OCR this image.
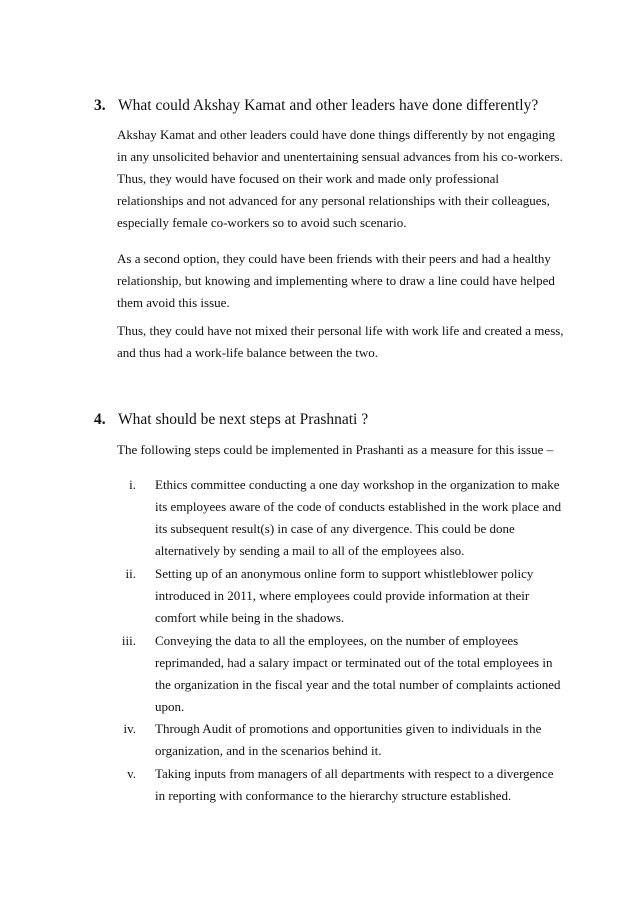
3. What could Akshay Kamat and other leaders have done differently?

Akshay Kamat and other leaders could have done things differently by not engaging
in any unsolicited behavior and unentertaining sensual advances from his co-workers.
Thus, they would have focused on their work and made only professional
relationships and not advanced for any personal relationships with their colleagues,
especially female co-workers so to avoid such scenario.

As a second option, they could have been friends with their peers and had a healthy
relationship, but knowing and implementing where to draw a line could have helped
them avoid this issue.

Thus, they could have not mixed their personal life with work life and created a mess,
and thus had a work-life balance between the two.

4. What should be next steps at Prashnati ?

The following steps could be implemented in Prashanti as a measure for this issue –

i. Ethics committee conducting a one day workshop in the organization to make
its employees aware of the code of conducts established in the work place and
its subsequent result(s) in case of any divergence. This could be done
alternatively by sending a mail to all of the employees also.
ii. Setting up of an anonymous online form to support whistleblower policy
introduced in 2011, where employees could provide information at their
comfort while being in the shadows.
iii. Conveying the data to all the employees, on the number of employees
reprimanded, had a salary impact or terminated out of the total employees in
the organization in the fiscal year and the total number of complaints actioned
upon.
iv. Through Audit of promotions and opportunities given to individuals in the
organization, and in the scenarios behind it.
v. Taking inputs from managers of all departments with respect to a divergence
in reporting with conformance to the hierarchy structure established.
